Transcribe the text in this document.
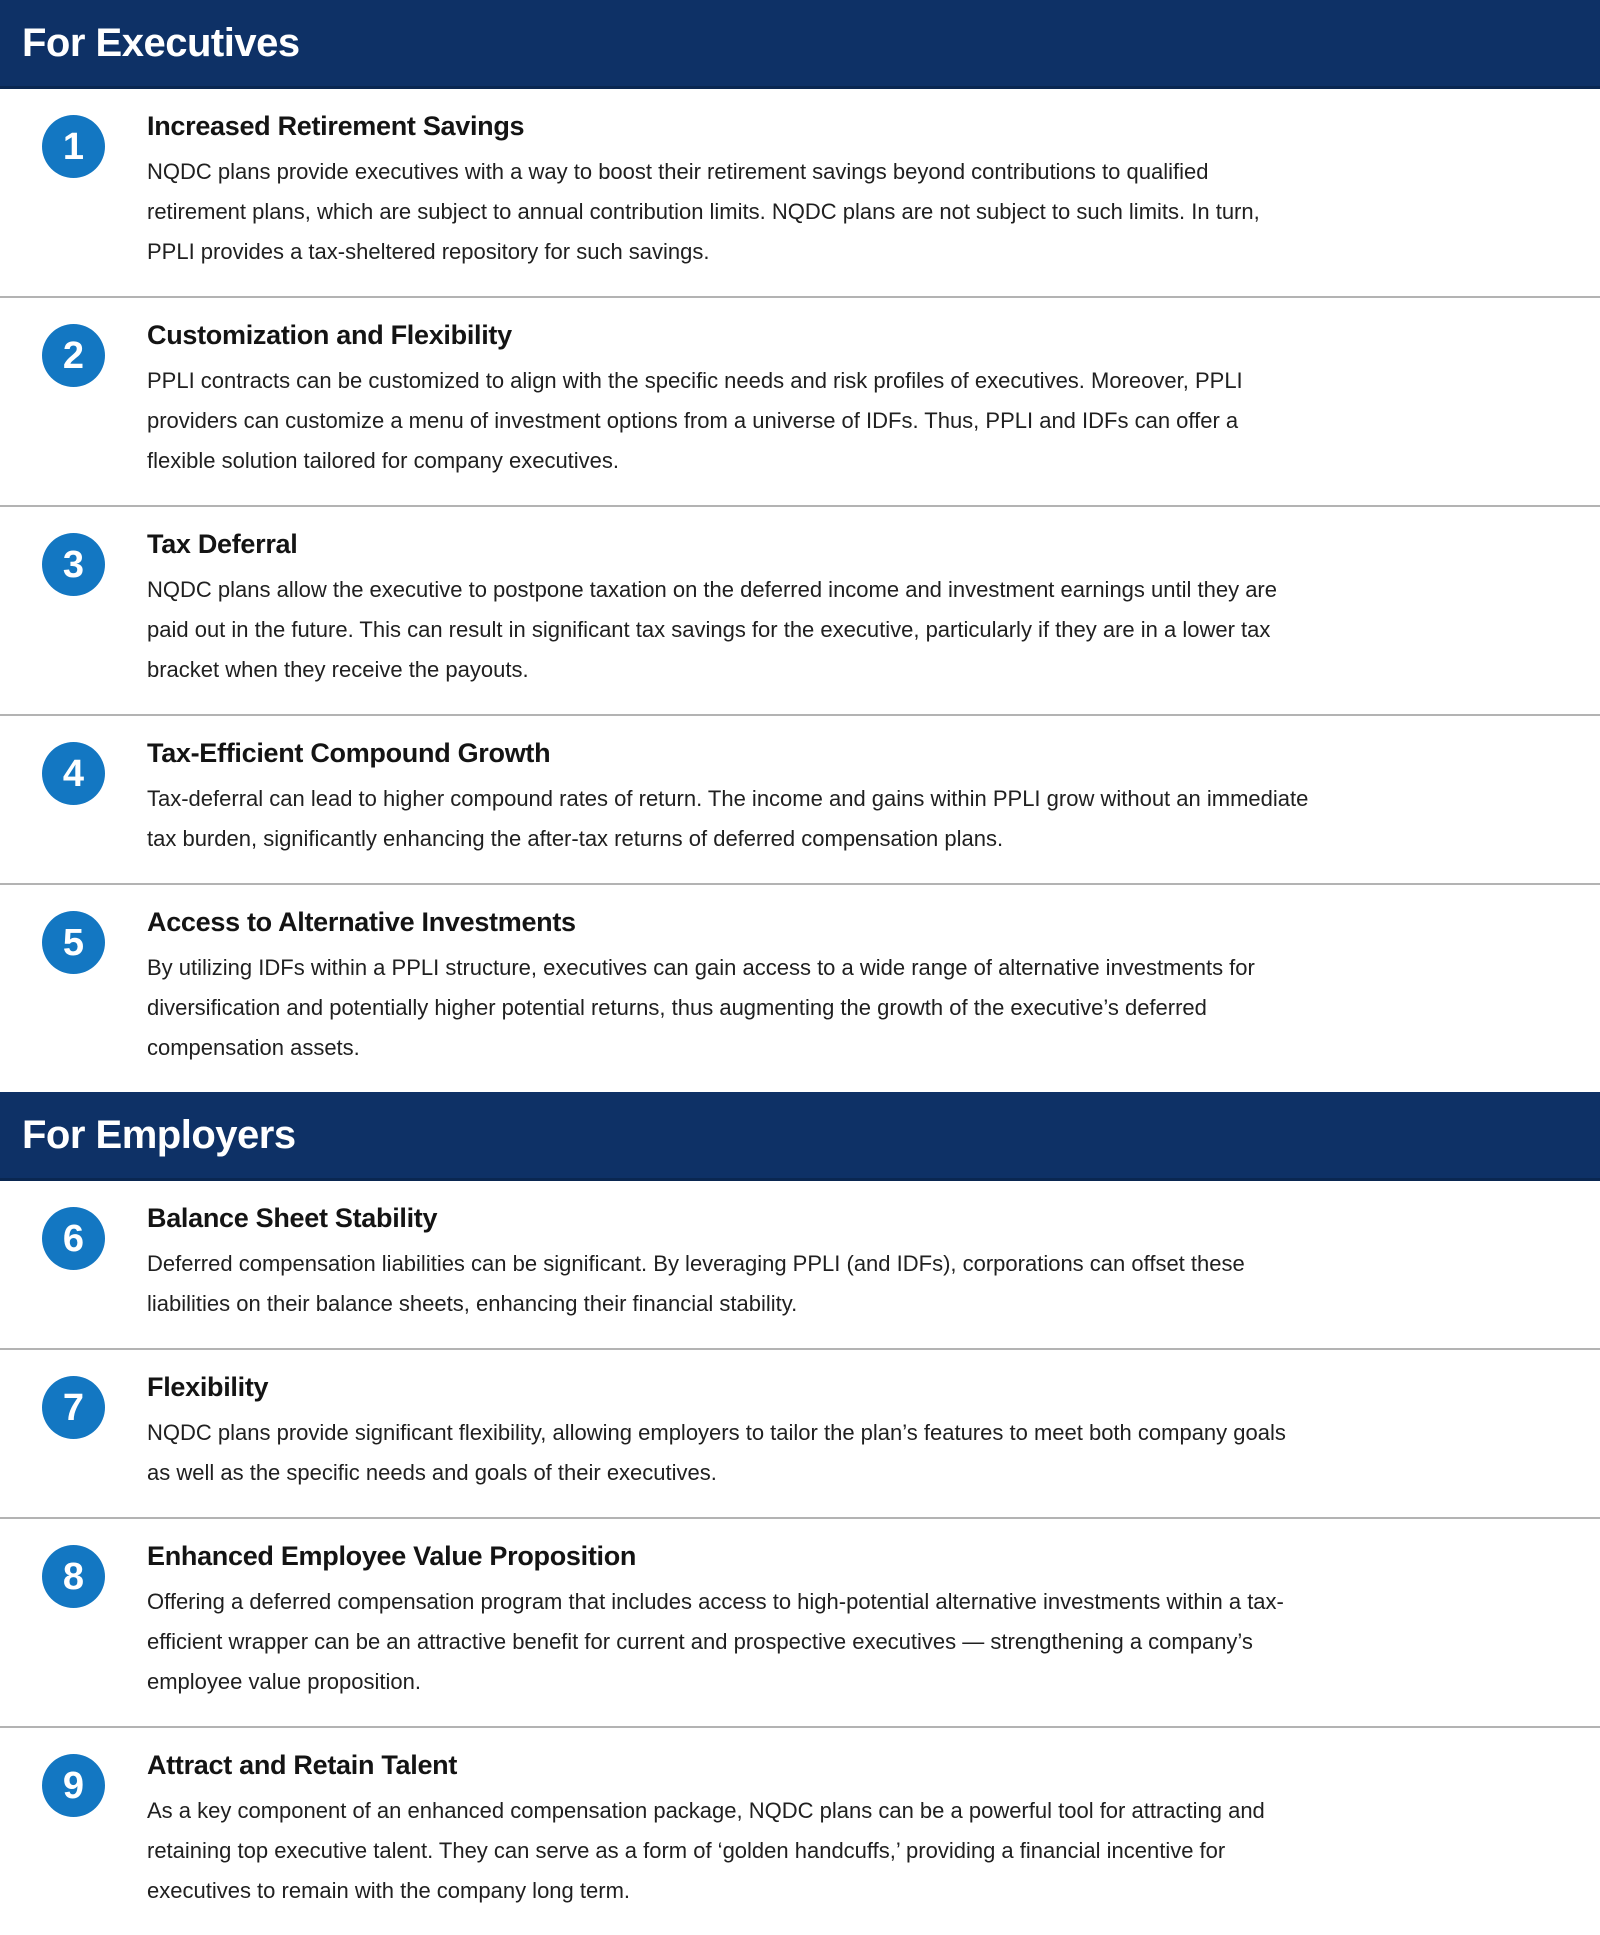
For Executives
1	Increased Retirement Savings

NQDC plans provide executives with a way to boost their retirement savings beyond contributions to qualified retirement plans, which are subject to annual contribution limits. NQDC plans are not subject to such limits. In turn, PPLI provides a tax-sheltered repository for such savings.

2	Customization and Flexibility

PPLI contracts can be customized to align with the specific needs and risk profiles of executives. Moreover, PPLI providers can customize a menu of investment options from a universe of IDFs. Thus, PPLI and IDFs can offer a flexible solution tailored for company executives.

3	Tax Deferral

NQDC plans allow the executive to postpone taxation on the deferred income and investment earnings until they are paid out in the future. This can result in significant tax savings for the executive, particularly if they are in a lower tax bracket when they receive the payouts.

4	Tax-Efficient Compound Growth

Tax-deferral can lead to higher compound rates of return. The income and gains within PPLI grow without an immediate tax burden, significantly enhancing the after-tax returns of deferred compensation plans.

5	Access to Alternative Investments

By utilizing IDFs within a PPLI structure, executives can gain access to a wide range of alternative investments for diversification and potentially higher potential returns, thus augmenting the growth of the executive’s deferred compensation assets.

For Employers
6	Balance Sheet Stability

Deferred compensation liabilities can be significant. By leveraging PPLI (and IDFs), corporations can offset these liabilities on their balance sheets, enhancing their financial stability.

7	Flexibility

NQDC plans provide significant flexibility, allowing employers to tailor the plan’s features to meet both company goals as well as the specific needs and goals of their executives.

8	Enhanced Employee Value Proposition

Offering a deferred compensation program that includes access to high-potential alternative investments within a tax-efficient wrapper can be an attractive benefit for current and prospective executives — strengthening a company’s employee value proposition.

9	Attract and Retain Talent

As a key component of an enhanced compensation package, NQDC plans can be a powerful tool for attracting and retaining top executive talent. They can serve as a form of ‘golden handcuffs,’ providing a financial incentive for executives to remain with the company long term.
